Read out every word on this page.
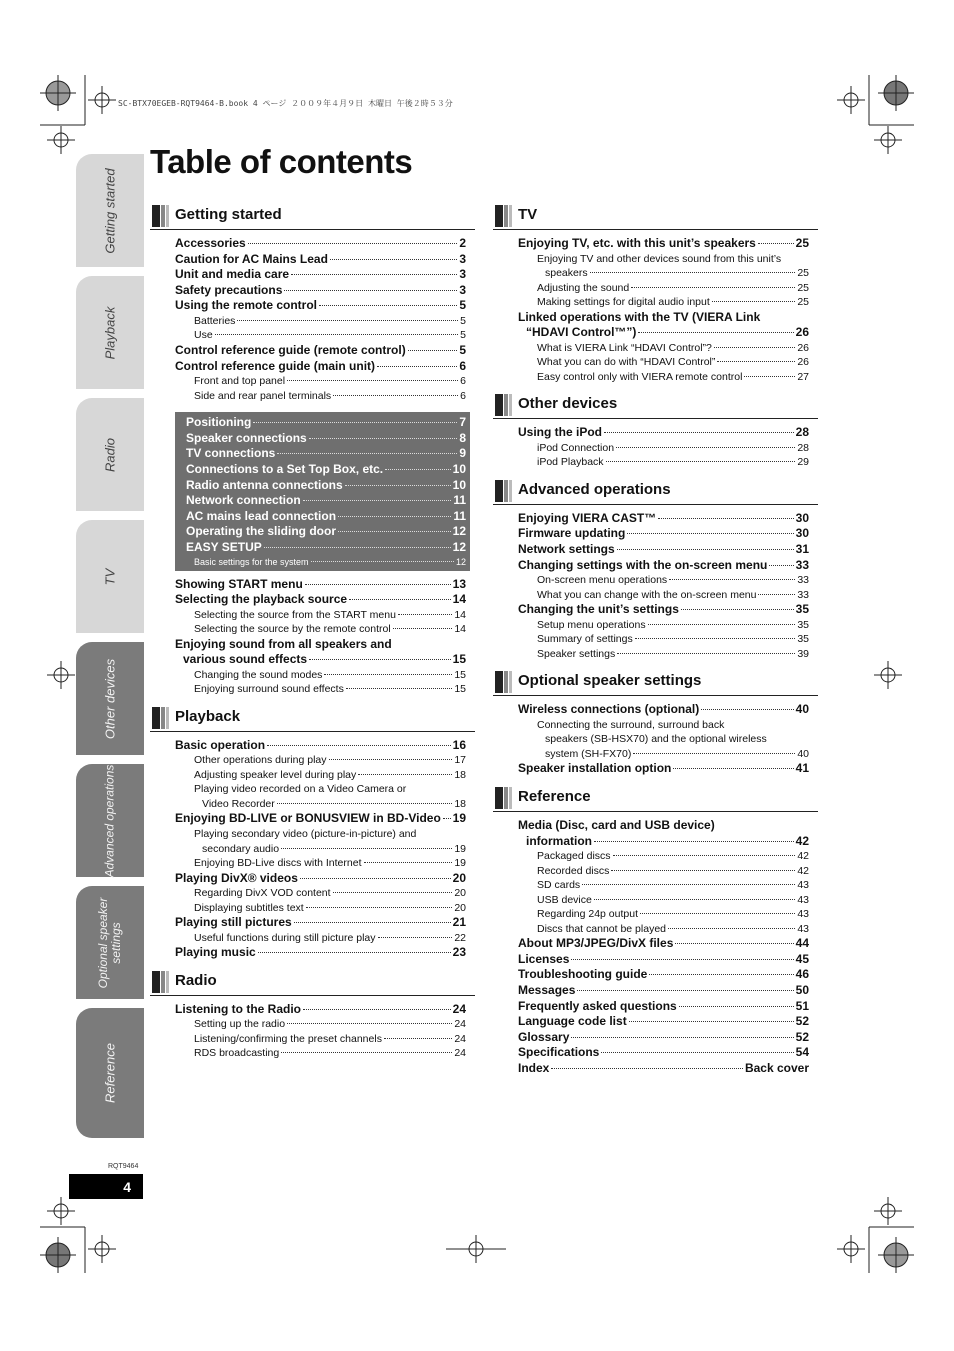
SC-BTX70EGEB-RQT9464-B.book 4 ページ ２００９年４月９日 木曜日 午後２時５３分
Table of contents
Getting started
Playback
Radio
TV
Other devices
Advanced operations
Optional speaker settings
Reference
Getting started
Accessories	2
Caution for AC Mains Lead	3
Unit and media care	3
Safety precautions	3
Using the remote control	5
Batteries	5
Use	5
Control reference guide (remote control)	5
Control reference guide (main unit)	6
Front and top panel	6
Side and rear panel terminals	6
Positioning	7
Speaker connections	8
TV connections	9
Connections to a Set Top Box, etc.	10
Radio antenna connections	10
Network connection	11
AC mains lead connection	11
Operating the sliding door	12
EASY SETUP	12
Basic settings for the system	12
Showing START menu	13
Selecting the playback source	14
Selecting the source from the START menu	14
Selecting the source by the remote control	14
Enjoying sound from all speakers and
various sound effects	15
Changing the sound modes	15
Enjoying surround sound effects	15
Playback
Basic operation	16
Other operations during play	17
Adjusting speaker level during play	18
Playing video recorded on a Video Camera or
Video Recorder	18
Enjoying BD-LIVE or BONUSVIEW in BD-Video 19
Playing secondary video (picture-in-picture) and
secondary audio	19
Enjoying BD-Live discs with Internet	19
Playing DivX® videos	20
Regarding DivX VOD content	20
Displaying subtitles text	20
Playing still pictures	21
Useful functions during still picture play	22
Playing music	23
Radio
Listening to the Radio	24
Setting up the radio	24
Listening/confirming the preset channels	24
RDS broadcasting	24
TV
Enjoying TV, etc. with this unit’s speakers	25
Enjoying TV and other devices sound from this unit’s
speakers	25
Adjusting the sound	25
Making settings for digital audio input	25
Linked operations with the TV (VIERA Link
“HDAVI Control™”)	26
What is VIERA Link “HDAVI Control”?	26
What you can do with “HDAVI Control”	26
Easy control only with VIERA remote control	27
Other devices
Using the iPod	28
iPod Connection	28
iPod Playback	29
Advanced operations
Enjoying VIERA CAST™	30
Firmware updating	30
Network settings	31
Changing settings with the on-screen menu 33
On-screen menu operations	33
What you can change with the on-screen menu	33
Changing the unit’s settings	35
Setup menu operations	35
Summary of settings	35
Speaker settings	39
Optional speaker settings
Wireless connections (optional)	40
Connecting the surround, surround back
speakers (SB-HSX70) and the optional wireless
system (SH-FX70)	40
Speaker installation option	41
Reference
Media (Disc, card and USB device)
information	42
Packaged discs	42
Recorded discs	42
SD cards	43
USB device	43
Regarding 24p output	43
Discs that cannot be played	43
About MP3/JPEG/DivX files	44
Licenses	45
Troubleshooting guide	46
Messages	50
Frequently asked questions	51
Language code list	52
Glossary	52
Specifications	54
Index	Back cover
RQT9464
4
